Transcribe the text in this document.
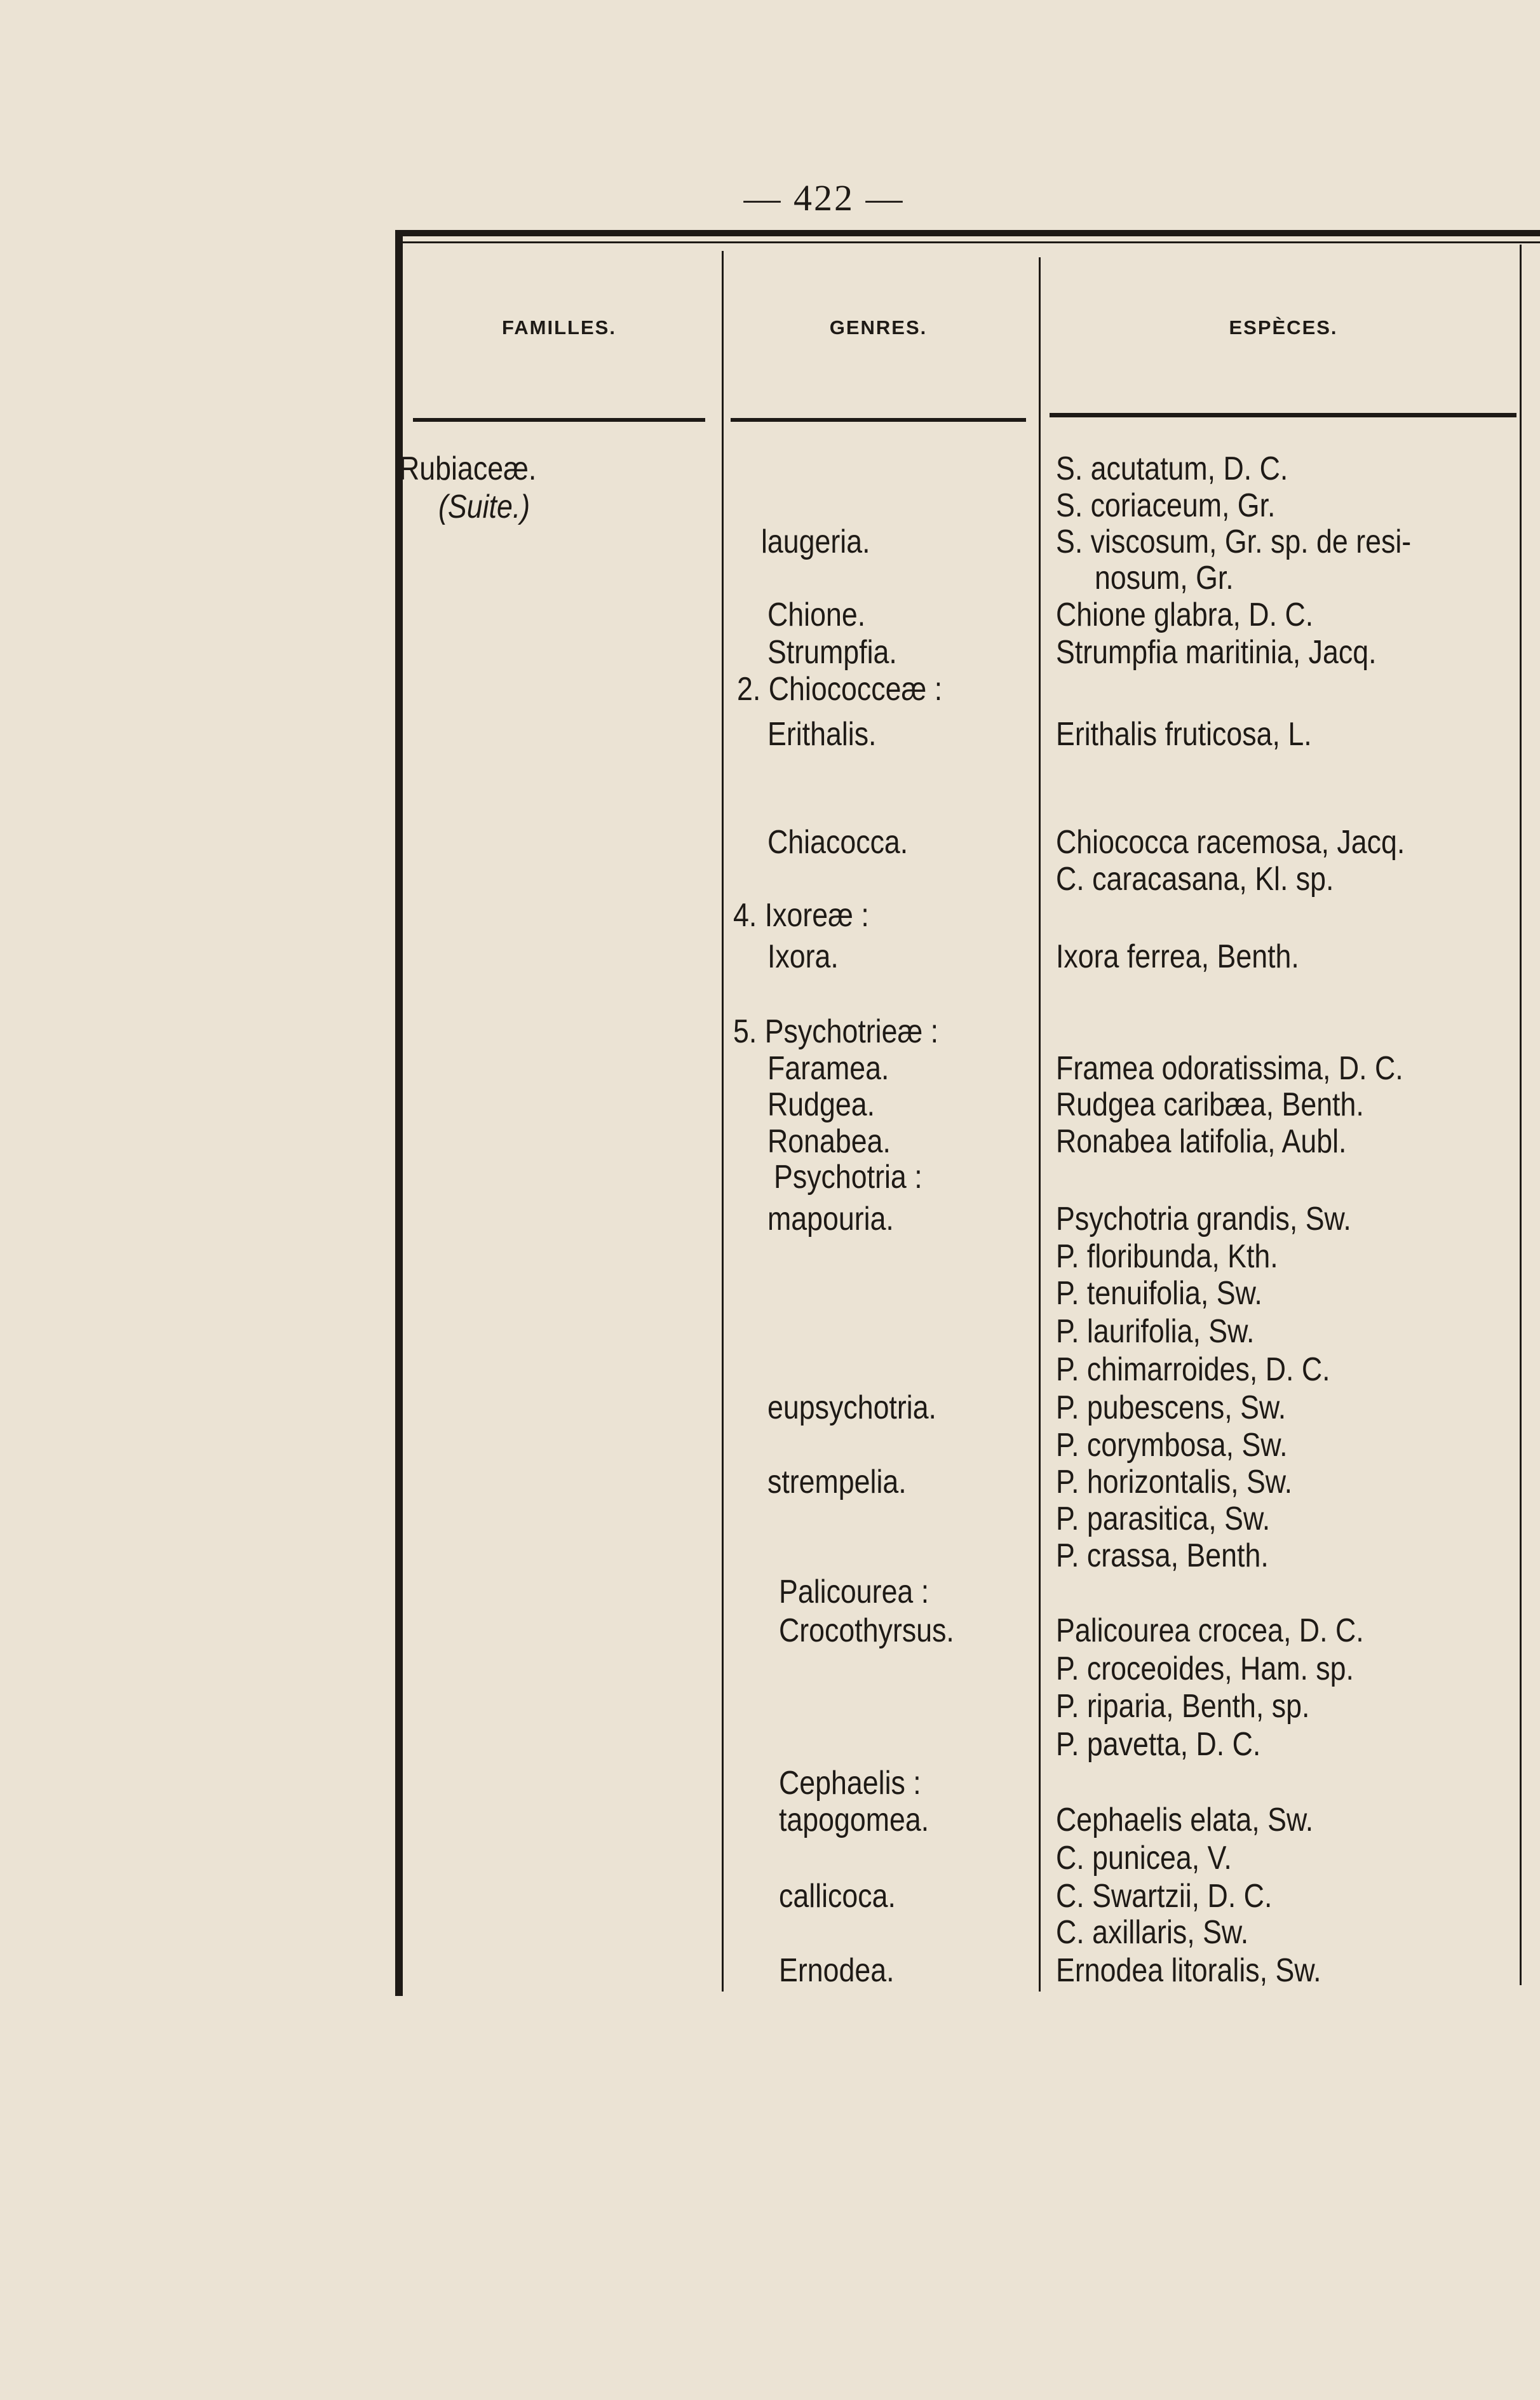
— 422 —
FAMILLES.	GENRES.	ESPÈCES.
Rubiaceæ.
(Suite.)
laugeria.
Chione.
Strumpfia.
2. Chiococceæ :
Erithalis.
Chiacocca.
4. Ixoreæ :
Ixora.
5. Psychotrieæ :
Faramea.
Rudgea.
Ronabea.
Psychotria :
mapouria.
eupsychotria.
strempelia.
Palicourea :
Crocothyrsus.
Cephaelis :
tapogomea.
callicoca.
Ernodea.
S. acutatum, D. C.
S. coriaceum, Gr.
S. viscosum, Gr. sp. de resi-
nosum, Gr.
Chione glabra, D. C.
Strumpfia maritinia, Jacq.
Erithalis fruticosa, L.
Chiococca racemosa, Jacq.
C. caracasana, Kl. sp.
Ixora ferrea, Benth.
Framea odoratissima, D. C.
Rudgea caribæa, Benth.
Ronabea latifolia, Aubl.
Psychotria grandis, Sw.
P. floribunda, Kth.
P. tenuifolia, Sw.
P. laurifolia, Sw.
P. chimarroides, D. C.
P. pubescens, Sw.
P. corymbosa, Sw.
P. horizontalis, Sw.
P. parasitica, Sw.
P. crassa, Benth.
Palicourea crocea, D. C.
P. croceoides, Ham. sp.
P. riparia, Benth, sp.
P. pavetta, D. C.
Cephaelis elata, Sw.
C. punicea, V.
C. Swartzii, D. C.
C. axillaris, Sw.
Ernodea litoralis, Sw.
